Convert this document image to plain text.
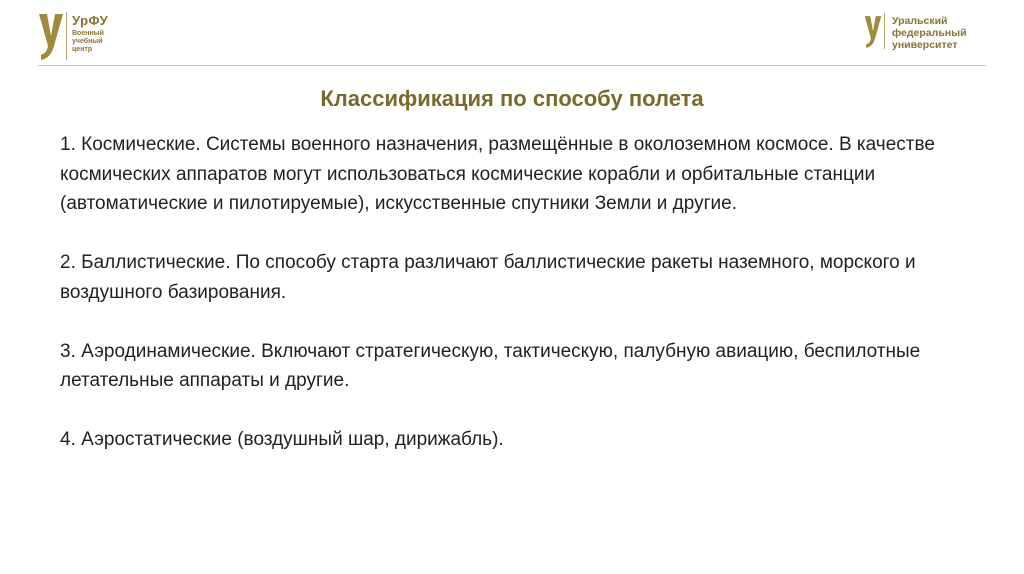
УрФУ
Военный
учебный
центр
Уральский
федеральный
университет
Классификация по способу полета

1. Космические. Системы военного назначения, размещённые в околоземном космосе. В качестве космических аппаратов могут использоваться космические корабли и орбитальные станции (автоматические и пилотируемые), искусственные спутники Земли и другие.

2. Баллистические. По способу старта различают баллистические ракеты наземного, морского и воздушного базирования.

3. Аэродинамические. Включают стратегическую, тактическую, палубную авиацию, беспилотные летательные аппараты и другие.

4. Аэростатические (воздушный шар, дирижабль).
